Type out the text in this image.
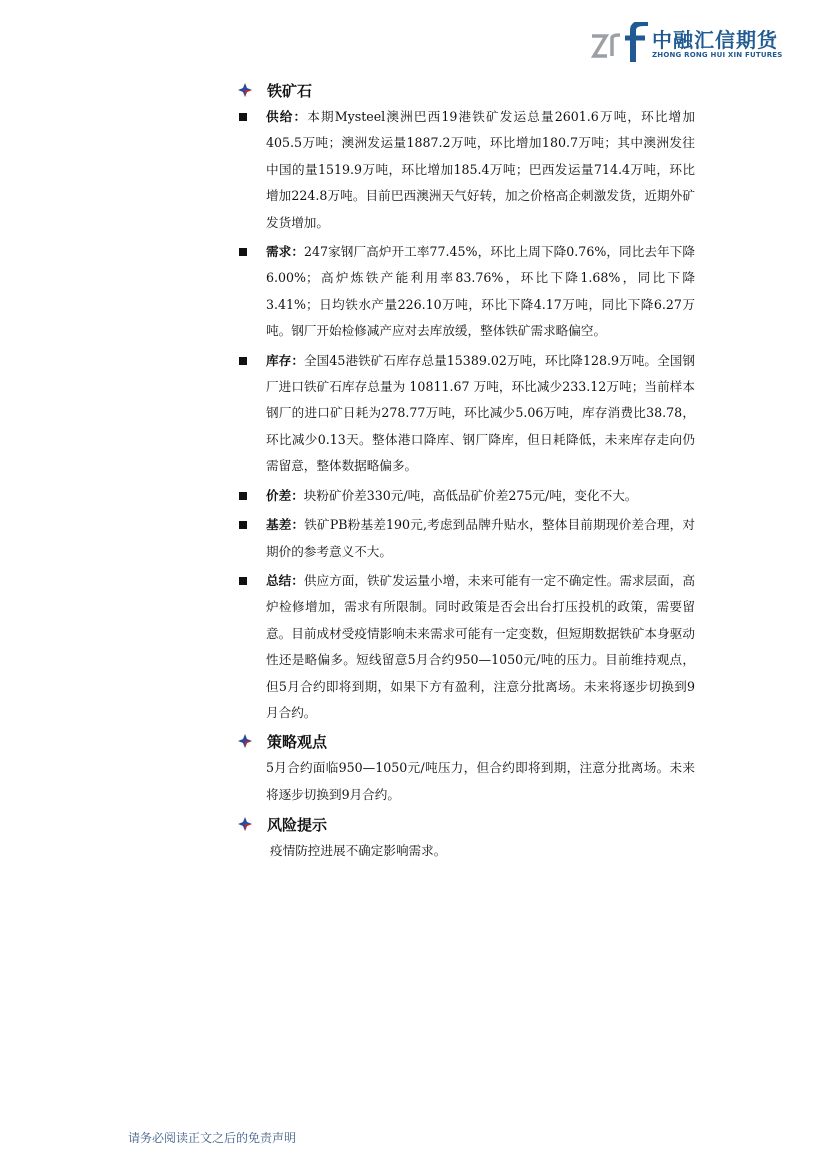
中融汇信期货
ZHONG RONG HUI XIN FUTURES
铁矿石
供给：本期Mysteel澳洲巴西19港铁矿发运总量2601.6万吨，环比增加405.5万吨；澳洲发运量1887.2万吨，环比增加180.7万吨；其中澳洲发往中国的量1519.9万吨，环比增加185.4万吨；巴西发运量714.4万吨，环比增加224.8万吨。目前巴西澳洲天气好转，加之价格高企刺激发货，近期外矿发货增加。
需求：247家钢厂高炉开工率77.45%，环比上周下降0.76%，同比去年下降6.00%；高炉炼铁产能利用率83.76%，环比下降1.68%，同比下降3.41%；日均铁水产量226.10万吨，环比下降4.17万吨，同比下降6.27万吨。钢厂开始检修减产应对去库放缓，整体铁矿需求略偏空。
库存：全国45港铁矿石库存总量15389.02万吨，环比降128.9万吨。全国钢厂进口铁矿石库存总量为 10811.67 万吨，环比减少233.12万吨；当前样本钢厂的进口矿日耗为278.77万吨，环比减少5.06万吨，库存消费比38.78，环比减少0.13天。整体港口降库、钢厂降库，但日耗降低，未来库存走向仍需留意，整体数据略偏多。
价差：块粉矿价差330元/吨，高低品矿价差275元/吨，变化不大。
基差：铁矿PB粉基差190元,考虑到品牌升贴水，整体目前期现价差合理，对期价的参考意义不大。
总结：供应方面，铁矿发运量小增，未来可能有一定不确定性。需求层面，高炉检修增加，需求有所限制。同时政策是否会出台打压投机的政策，需要留意。目前成材受疫情影响未来需求可能有一定变数，但短期数据铁矿本身驱动性还是略偏多。短线留意5月合约950—1050元/吨的压力。目前维持观点，但5月合约即将到期，如果下方有盈利，注意分批离场。未来将逐步切换到9月合约。
策略观点
5月合约面临950—1050元/吨压力，但合约即将到期，注意分批离场。未来将逐步切换到9月合约。
风险提示
疫情防控进展不确定影响需求。
请务必阅读正文之后的免责声明
